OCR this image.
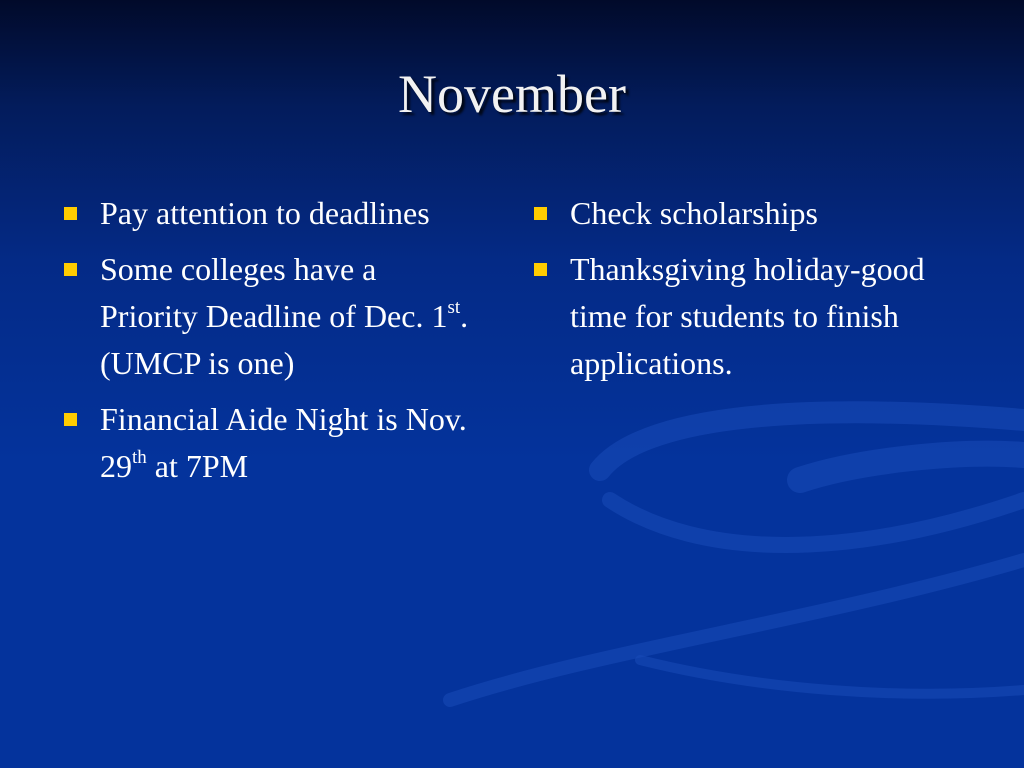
November
Pay attention to deadlines
Some colleges have a Priority Deadline of Dec. 1st. (UMCP is one)
Financial Aide Night is Nov. 29th at 7PM
Check scholarships
Thanksgiving holiday-good time for students to finish applications.
